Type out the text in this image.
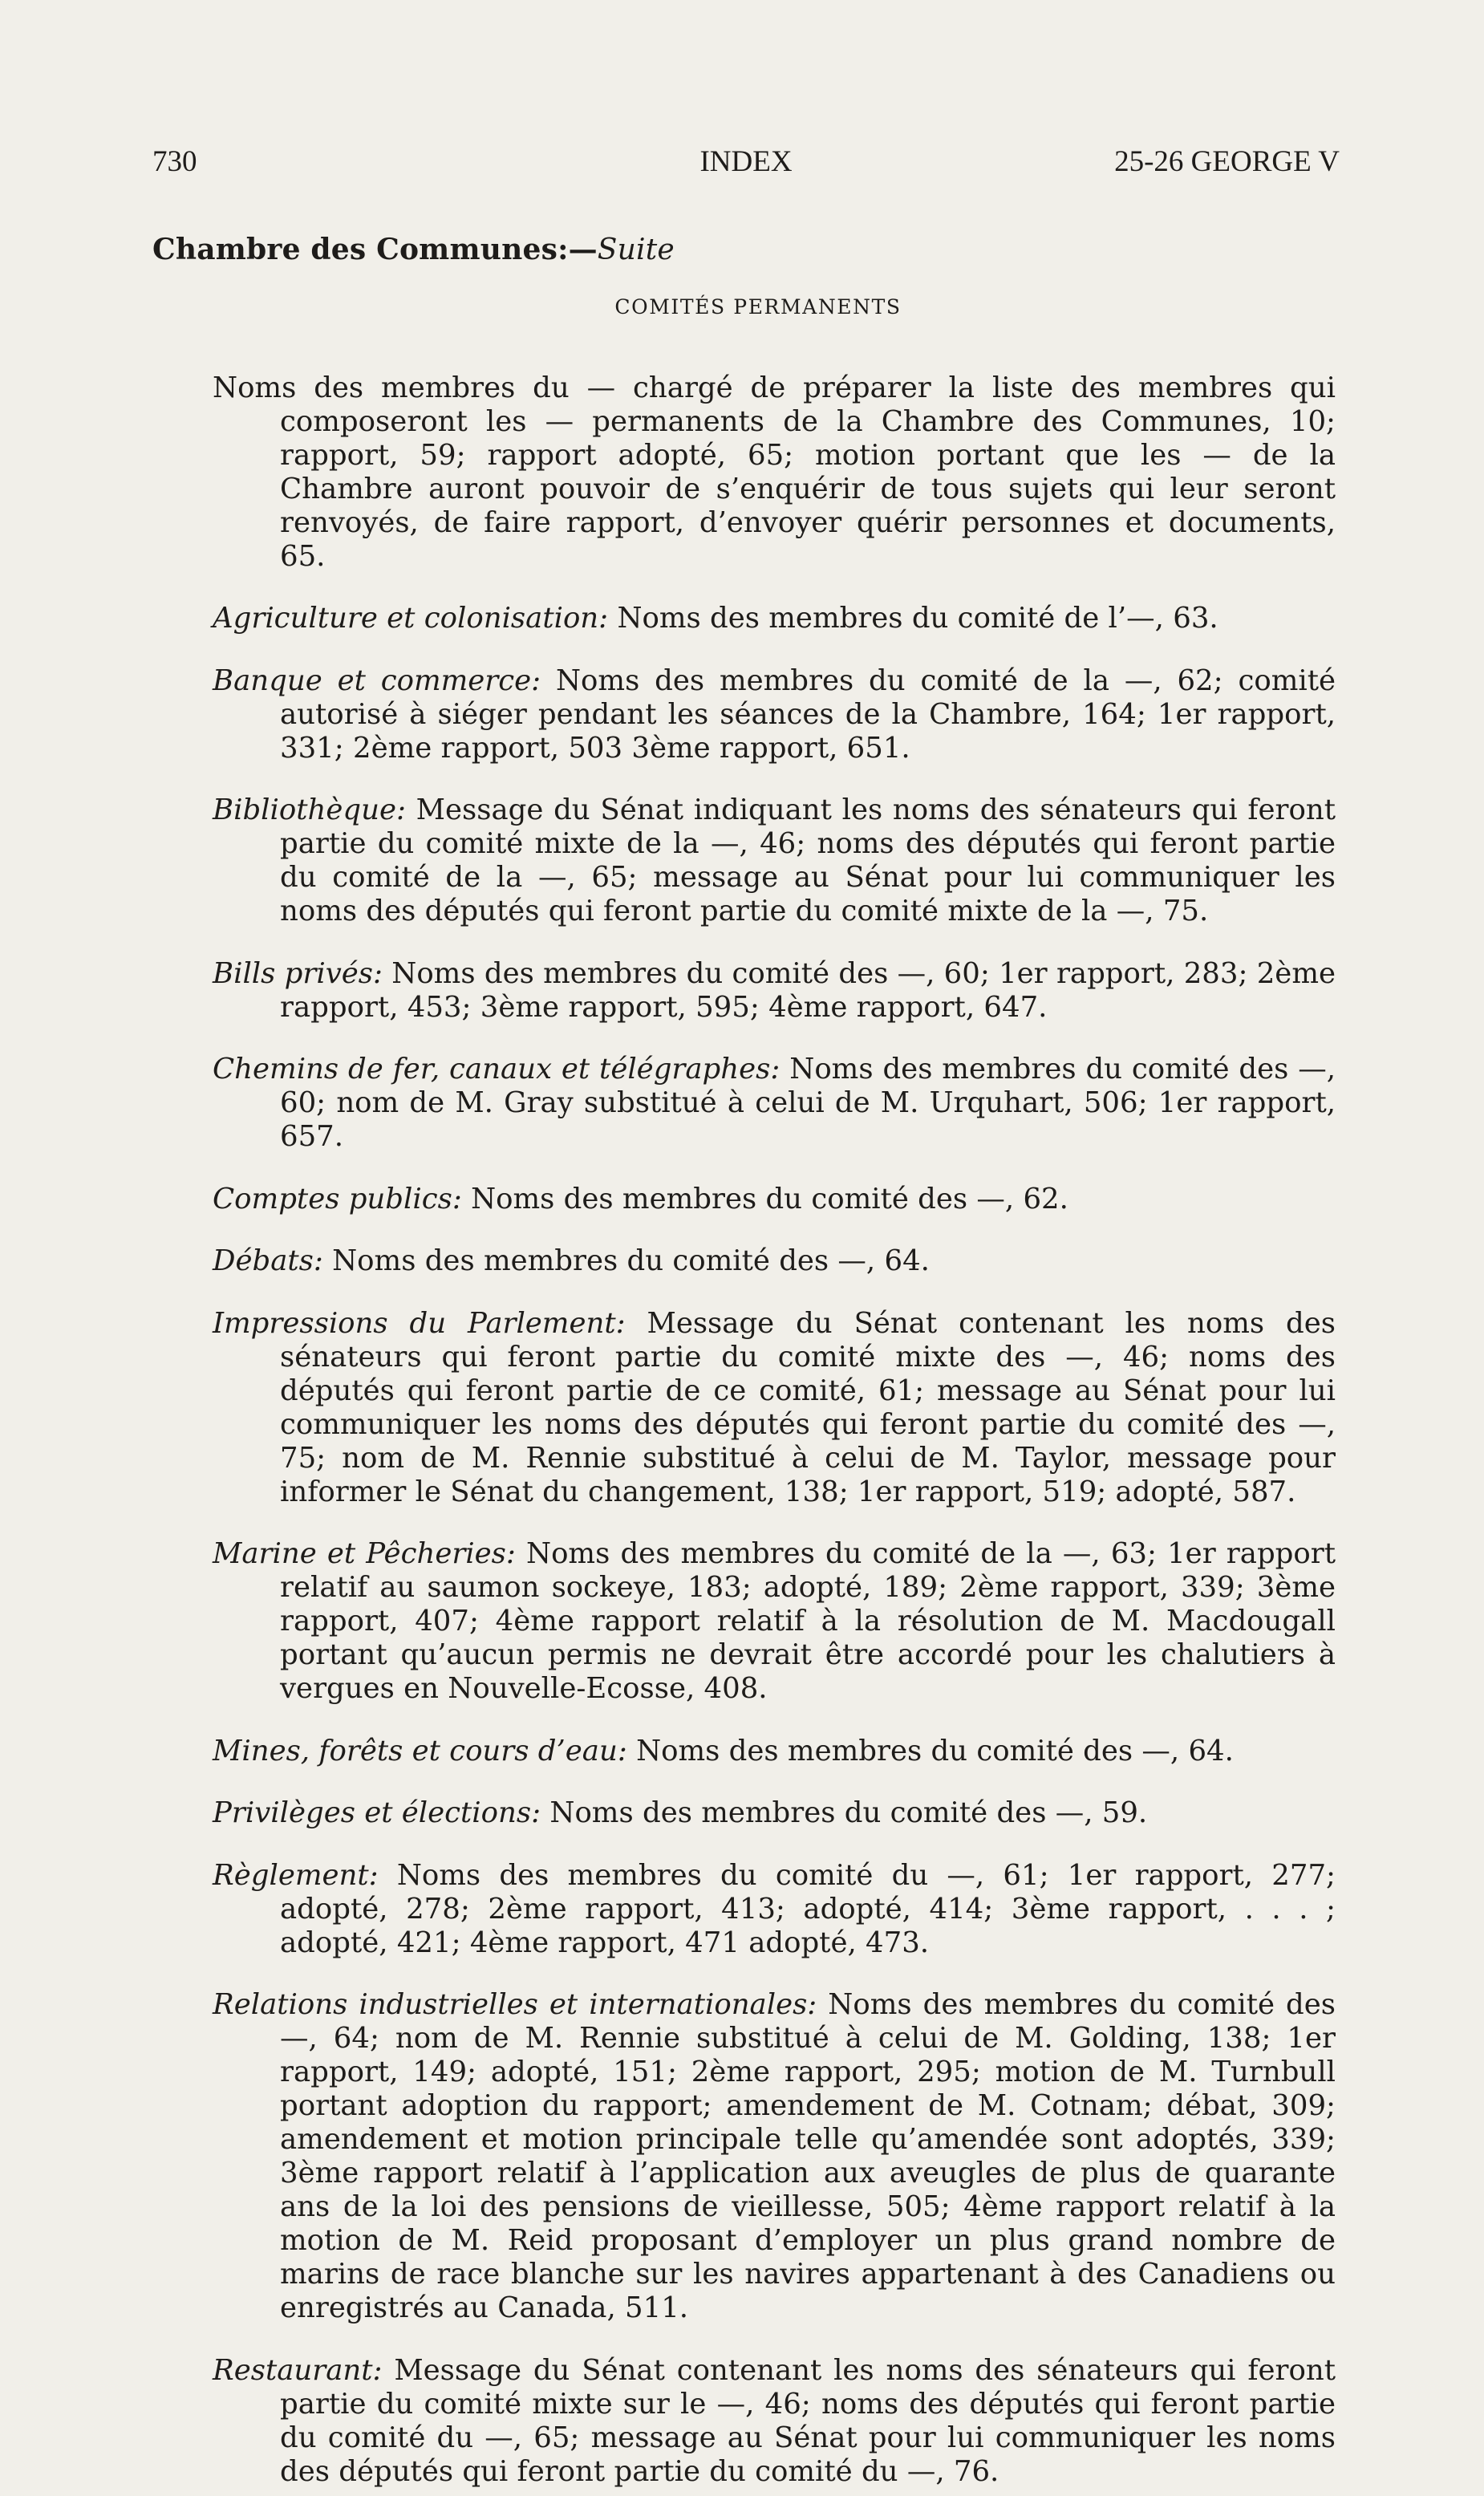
730	INDEX	25-26 GEORGE V
Chambre des Communes:—Suite
COMITÉS PERMANENTS

Noms des membres du — chargé de préparer la liste des membres qui composeront les — permanents de la Chambre des Communes, 10; rapport, 59; rapport adopté, 65; motion portant que les — de la Chambre auront pouvoir de s’enquérir de tous sujets qui leur seront renvoyés, de faire rapport, d’envoyer quérir personnes et documents, 65.

Agriculture et colonisation: Noms des membres du comité de l’—, 63.

Banque et commerce: Noms des membres du comité de la —, 62; comité autorisé à siéger pendant les séances de la Chambre, 164; 1er rapport, 331; 2ème rapport, 503 3ème rapport, 651.

Bibliothèque: Message du Sénat indiquant les noms des sénateurs qui feront partie du comité mixte de la —, 46; noms des députés qui feront partie du comité de la —, 65; message au Sénat pour lui communiquer les noms des députés qui feront partie du comité mixte de la —, 75.

Bills privés: Noms des membres du comité des —, 60; 1er rapport, 283; 2ème rapport, 453; 3ème rapport, 595; 4ème rapport, 647.

Chemins de fer, canaux et télégraphes: Noms des membres du comité des —, 60; nom de M. Gray substitué à celui de M. Urquhart, 506; 1er rapport, 657.

Comptes publics: Noms des membres du comité des —, 62.

Débats: Noms des membres du comité des —, 64.

Impressions du Parlement: Message du Sénat contenant les noms des sénateurs qui feront partie du comité mixte des —, 46; noms des députés qui feront partie de ce comité, 61; message au Sénat pour lui communiquer les noms des députés qui feront partie du comité des —, 75; nom de M. Rennie substitué à celui de M. Taylor, message pour informer le Sénat du changement, 138; 1er rapport, 519; adopté, 587.

Marine et Pêcheries: Noms des membres du comité de la —, 63; 1er rapport relatif au saumon sockeye, 183; adopté, 189; 2ème rapport, 339; 3ème rapport, 407; 4ème rapport relatif à la résolution de M. Macdougall portant qu’aucun permis ne devrait être accordé pour les chalutiers à vergues en Nouvelle-Ecosse, 408.

Mines, forêts et cours d’eau: Noms des membres du comité des —, 64.

Privilèges et élections: Noms des membres du comité des —, 59.

Règlement: Noms des membres du comité du —, 61; 1er rapport, 277; adopté, 278; 2ème rapport, 413; adopté, 414; 3ème rapport, . . . ; adopté, 421; 4ème rapport, 471 adopté, 473.

Relations industrielles et internationales: Noms des membres du comité des —, 64; nom de M. Rennie substitué à celui de M. Golding, 138; 1er rapport, 149; adopté, 151; 2ème rapport, 295; motion de M. Turnbull portant adoption du rapport; amendement de M. Cotnam; débat, 309; amendement et motion principale telle qu’amendée sont adoptés, 339; 3ème rapport relatif à l’application aux aveugles de plus de quarante ans de la loi des pensions de vieillesse, 505; 4ème rapport relatif à la motion de M. Reid proposant d’employer un plus grand nombre de marins de race blanche sur les navires appartenant à des Canadiens ou enregistrés au Canada, 511.

Restaurant: Message du Sénat contenant les noms des sénateurs qui feront partie du comité mixte sur le —, 46; noms des députés qui feront partie du comité du —, 65; message au Sénat pour lui communiquer les noms des députés qui feront partie du comité du —, 76.
